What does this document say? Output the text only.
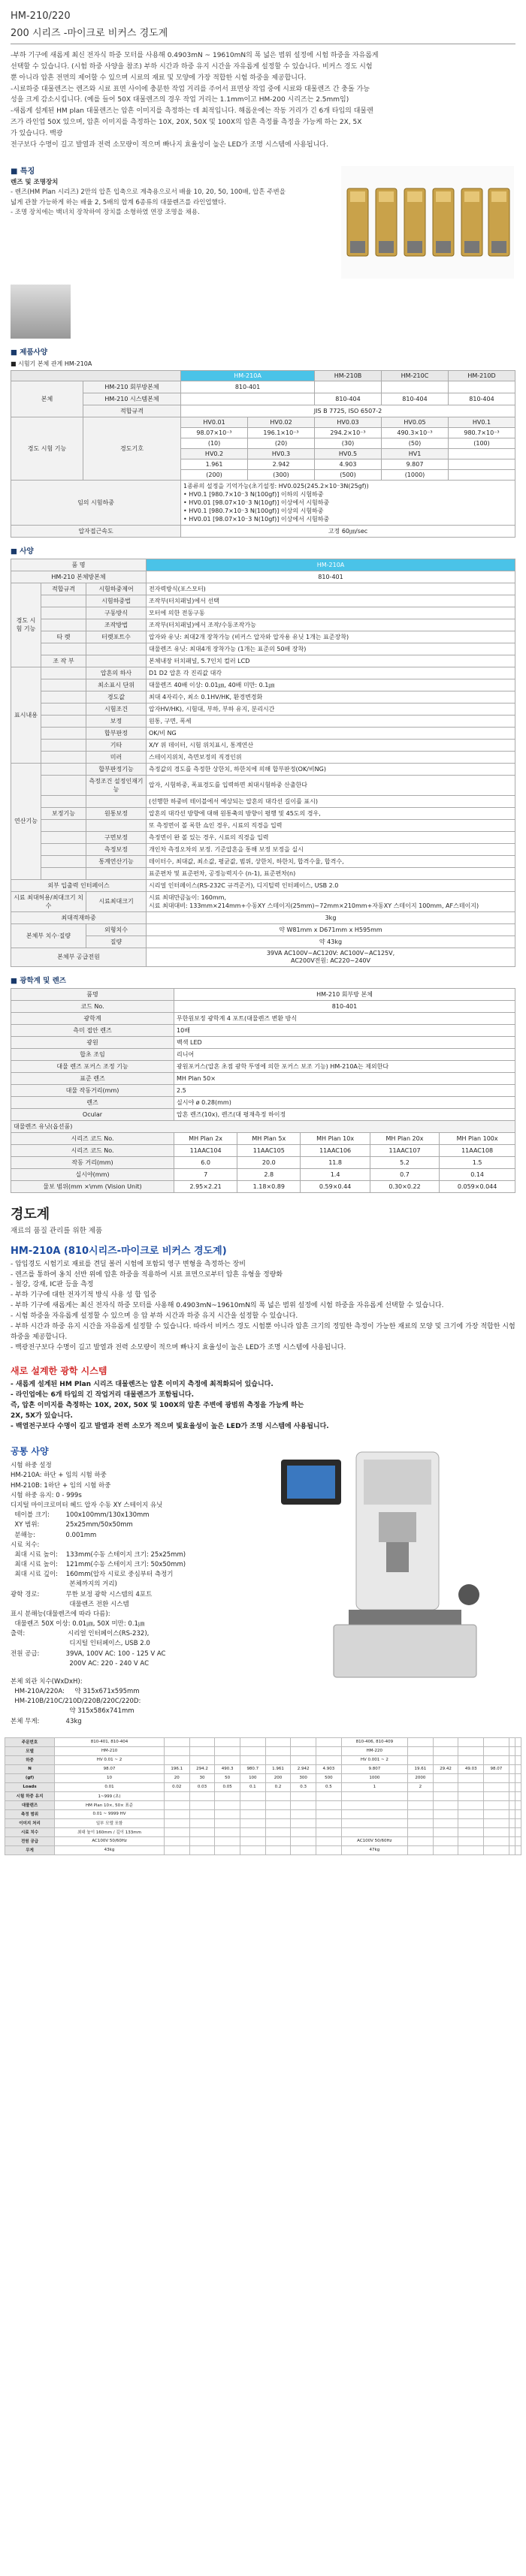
HM-210/220
200 시리즈 -마이크로 비커스 경도계
-부하 기구에 새롭게 최신 전자식 하중 모터를 사용해 0.4903mN ~ 19610mN의 폭 넓은 범위 설정에 시험 하중을 자유롭게
선택할 수 있습니다. (시험 하중 사양을 참조) 부하 시간과 하중 유지 시간을 자유롭게 설정할 수 있습니다. 비커스 경도 시험
뿐 아니라 압흔 전면의 제어할 수 있으며 시료의 재료 및 모양에 가장 적합한 시험 하중을 제공합니다.
-시료하중 대물렌즈는 렌즈와 시료 표면 사이에 충분한 작업 거리를 주어서 표면상 작업 중에 시료와 대물렌즈 간 충돌 가능
성을 크게 감소시킵니다. (예를 들어 50X 대물렌즈의 경우 작업 거리는 1.1mm이고 HM-200 시리즈는 2.5mm임)
-새롭게 설계된 HM plan 대물렌즈는 압흔 이미지를 측정하는 데 최적입니다. 해롭운에는 작동 거리가 긴 6개 타입의 대물렌
즈가 라인업 50X 있으며, 압흔 이미지를 측정하는 10X, 20X, 50X 및 100X의 압흔 측정률 측정을 가능케 하는 2X, 5X
가 있습니다. 백광
전구보다 수명이 길고 발열과 전력 소모량이 적으며 빠나지 효율성이 높은 LED가 조명 시스템에 사용됩니다.
■ 특징
렌즈 및 조명장치
- 렌즈(HM Plan 시리즈) 2만의 압흔 입축으로 계측용으로서 배율 10, 20, 50, 100배, 압흔 주변을
넓게 관찰 가능하게 하는 배율 2, 5배의 합계 6종류의 대물렌즈를 라인업했다.
- 조명 장치에는 백녀치 장착하여 장치를 소형하였 연장 조명을 채용.
■ 제품사양
■ 시험기 본체 관계 HM-210A
		HM-210A		HM-210B	HM-210C	HM-210D
본체	HM-210 회부방본체	810-401				
	HM-210 시스템본체			810-404	810-404	810-404
	적합규격	JIS B 7725, ISO 6507-2				
경도 시험 기능	경도기호	HV0.01	HV0.02	HV0.03	HV0.05	HV0.1
		98.07×10⁻³	196.1×10⁻³	294.2×10⁻³	490.3×10⁻³	980.7×10⁻³
		(10)	(20)	(30)	(50)	(100)
		HV0.2	HV0.3	HV0.5	HV1	
		1.961	2.942	4.903	9.807	
		(200)	(300)	(500)	(1000)	
임의 시험하중		1종류의 설정을 기억가능(초기설정: HV0.025(245.2×10⁻3N(25gf))
• HV0.1 [980.7×10⁻3 N(100gf)] 이하의 시험하중
• HV0.01 [98.07×10⁻3 N(10gf)] 이상에서 시험하중
• HV0.1 [980.7×10⁻3 N(100gf)] 이상의 시험하중
• HV0.01 [98.07×10⁻3 N(10gf)] 이상에서 시험하중				

압자접근속도		고정 60㎛/sec				
■ 사양
품 명			HM-210A
HM-210 본체방본체			810-401
경도 시험 기능	적합규격	시험하중제어	전자력방식(포스모터)
		시험하중법	조작부(터치패널)에서 선택
		구동방식	모터에 의한 전동구동
		조작방법	조작부(터치패널)에서 조작/수동조작가능
	타 렛	터렛포트수	압자와 유닛: 최대2개 장착가능 (비커스 압자와 압자용 유닛 1개는 표준장착)
			대물렌즈 유닛: 최대4개 장착가능 (1개는 표준의 50배 장착)
	조 작 부		본체내장 터치패널, 5.7인치 컬러 LCD
표시내용		압흔의 하사	D1 D2 압흔 각 진리값 대각
		최소표시 단위	대물렌즈 40배 이상: 0.01㎛, 40배 미만: 0.1㎛
		경도값	최대 4자리수, 최소 0.1HV/HK, 환경변경화
		시험조건	압자HV/HK), 시험대, 부하, 부하 유지, 분리시간
		보정	원통, 구면, 폭세
		합부판정	OK/비 NG
		기타	X/Y 위 데이터, 시험 위치표시, 통계연산
		미러	스테이지위치, 측면보정의 직경인위
연산기능		합부판정기능	측정값의 경도를 측정한 상한치, 하한치에 의해 합부판정(OK/비NG)
		측정조건 설정인재기능	압자, 시험하중, 폭표경도를 입력하면 최대시험하중 산출한다
			(선행한 하중비 테이블에서 예상되는 압흔의 대각선 길이를 표시)
	보정기능	원통보정	압흔의 대각선 방향에 대해 원통축의 방향이 평행 및 45도의 경우,
			또 측정면이 볼 록한 쇼인 경우, 시료의 직경을 입력
		구면보정	측정면이 완 볼 있는 경우, 시료의 직경을 입력
		측정보정	개인차 측정오차의 보정. 기준압흔을 통해 보정 보정을 실시
		통계연산기능	데이터수, 최대값, 최소값, 평균값, 범위, 상한치, 하한치, 합격수율, 합격수,
			표준편차 및 표준편차, 공정능력지수 (n-1), 표준편차(n)
외부 입출력 인터페이스			시리얼 인터페이스(RS-232C 규격준거), 디지털력 인터페이스, USB 2.0
시료 최대허용/최대크기 치수		시료최대크기	시료 최대만큼높이: 160mm,
시료 최대대비: 133mm×214mm+수동XY 스테이지(25mm)~72mm×210mm+자동XY 스테이지 100mm, AF스테이지)

최대적재하중			3kg
본체부 치수·질량		외형치수	약 W81mm x D671mm x H595mm
		질량	약 43kg
본체부 공급전원			39VA AC100V~AC120V: AC100V~AC125V,
AC200V전원: AC220~240V
■ 광학계 및 렌즈
품명	HM-210 회부방 본체				
코드 No.	810-401				
광학계	무한원보정 광학계 4 포트(대물렌즈 변환 방식				
측미 접안 렌즈	10배				
광원	백색 LED				
합초 조임	리니어				
대물 렌즈 포커스 조정 기능	광원포커스(압흔 초점 광학 투영에 의한 포커스 보조 기능) HM-210A는 제외한다				
표준 렌즈	MH Plan 50×				
대물 작동거리(mm)	2.5				
렌즈	실시야 ø 0.28(mm)				
Ocular	압흔 렌즈(10x), 렌즈(대 평재측정 하이정				
대물렌즈 유닛(옵션품)					
시리즈 코드 No.	MH Plan 2x	MH Plan 5x	MH Plan 10x	MH Plan 20x	MH Plan 100x
시리즈 코드 No.	11AAC104	11AAC105	11AAC106	11AAC107	11AAC108
작동 거리(mm)	6.0	20.0	11.8	5.2	1.5
실시야(mm)	7	2.8	1.4	0.7	0.14
물보 범위(mm ×\mm (Vision Unit)	2.95×2.21	1.18×0.89	0.59×0.44	0.30×0.22	0.059×0.044
경도계
재료의 품질 관리를 위한 제품
HM-210A (810시리즈-마이크로 비커스 경도계)
- 압입경도 시험기로 재료를 견딜 볼러 시험에 포함되 영구 변형을 측정하는 장비
- 렌즈를 통하여 옹치 선반 위에 압흔 하중을 적용하여 시료 표면으로부터 압흔 유형을 정량화
- 철강, 강재, IC판 등을 측정
- 부하 기구에 대한 전자기적 방식 사용 성 합 입증
- 부하 기구에 새롭게는 최신 전자식 하중 모터를 사용해 0.4903mN~19610mN의 폭 넓은 범위 설정에 시험 하중을 자유롭게 선택할 수 있습니다.
- 시험 하중을 자유롭게 설정할 수 있으며 응 압 부하 시간과 하중 유지 시간을 설정할 수 있습니다.
- 부하 시간과 하중 유지 시간을 자유롭게 설정할 수 있습니다. 따라서 비커스 경도 시험뿐 아니라 압흔 크기의 정밀한 측정이 가능한 재료의 모양 및 크기에 가장 적합한 시험 하중을 제공합니다.
- 백광전구보다 수명이 길고 발열과 전력 소모량이 적으며 빠나지 효율성이 높은 LED가 조명 시스템에 사용됩니다.
새로 설계한 광학 시스템
- 새롭게 설계된 HM Plan 시리즈 대물렌즈는 압흔 이미지 측정에 최적화되어 있습니다.
- 라인업에는 6개 타입의 긴 작업거리 대물렌즈가 포함됩니다.
즉, 압흔 이미지를 측정하는 10X, 20X, 50X 및 100X의 압흔 주변에 광범위 측정을 가능케 하는
2X, 5X가 있습니다.
- 백열전구보다 수명이 길고 발열과 전력 소모가 적으며 빛효율성이 높은 LED가 조명 시스템에 사용됩니다.
공통 사양
시험 하중 설정
HM-210A: 하단 + 임의 시험 하중
HM-210B: 1하단 + 임의 시험 하중
시험 하중 유지: 0 - 999s
디지털 마이크로미터 헤드 압자 수동 XY 스테이지 유닛
테이블 크기:        100x100mm/130x130mm
XY 범위:             25x25mm/50x50mm
분해능:               0.001mm
시료 치수:
최대 시료 높이:    133mm(수동 스테이지 크기: 25x25mm)
최대 시료 높이:    121mm(수동 스테이지 크기: 50x50mm)
최대 시료 깊이:    160mm(압자 시료로 중심부터 측정기
본체까지의 거리)
광학 경로:             무한 보정 광학 시스템의 4포트
대물렌즈 전환 시스템
표시 분해능(대물렌즈에 따라 다름):
대물렌즈 50X 이상: 0.01㎛, 50X 미만: 0.1㎛
출력:                     시리얼 인터페이스(RS-232),
디지털 인터페이스, USB 2.0
전원 공급:             39VA, 100V AC: 100 - 125 V AC
200V AC: 220 - 240 V AC
본체 외관 치수(WxDxH):
HM-210A/220A:     약 315x671x595mm
HM-210B/210C/210D/220B/220C/220D:
약 315x586x741mm
본체 무게:             43kg
주문번호	810-401, 810-404								810-406, 810-409						
모델	HM-210								HM-220						
하중	HV 0.01 ~ 2								HV 0.001 ~ 2						
N	98.07	196.1	294.2	490.3	980.7	1.961	2.942	4.903	9.807	19.61	29.42	49.03	98.07		
(gf)	10	20	30	50	100	200	300	500	1000	2000					
Loads	0.01	0.02	0.03	0.05	0.1	0.2	0.3	0.5	1	2					
시험 하중 유지	1~999 (초)														
대물렌즈	HM Plan 10×, 50× 표준														
측정 범위	0.01 ~ 9999 HV														
이미지 처리	일부 모델 포함														
시료 치수	최대 높이 160mm / 깊이 133mm														
전원 공급	AC100V 50/60Hz								AC100V 50/60Hz						
무게	43kg								47kg						
